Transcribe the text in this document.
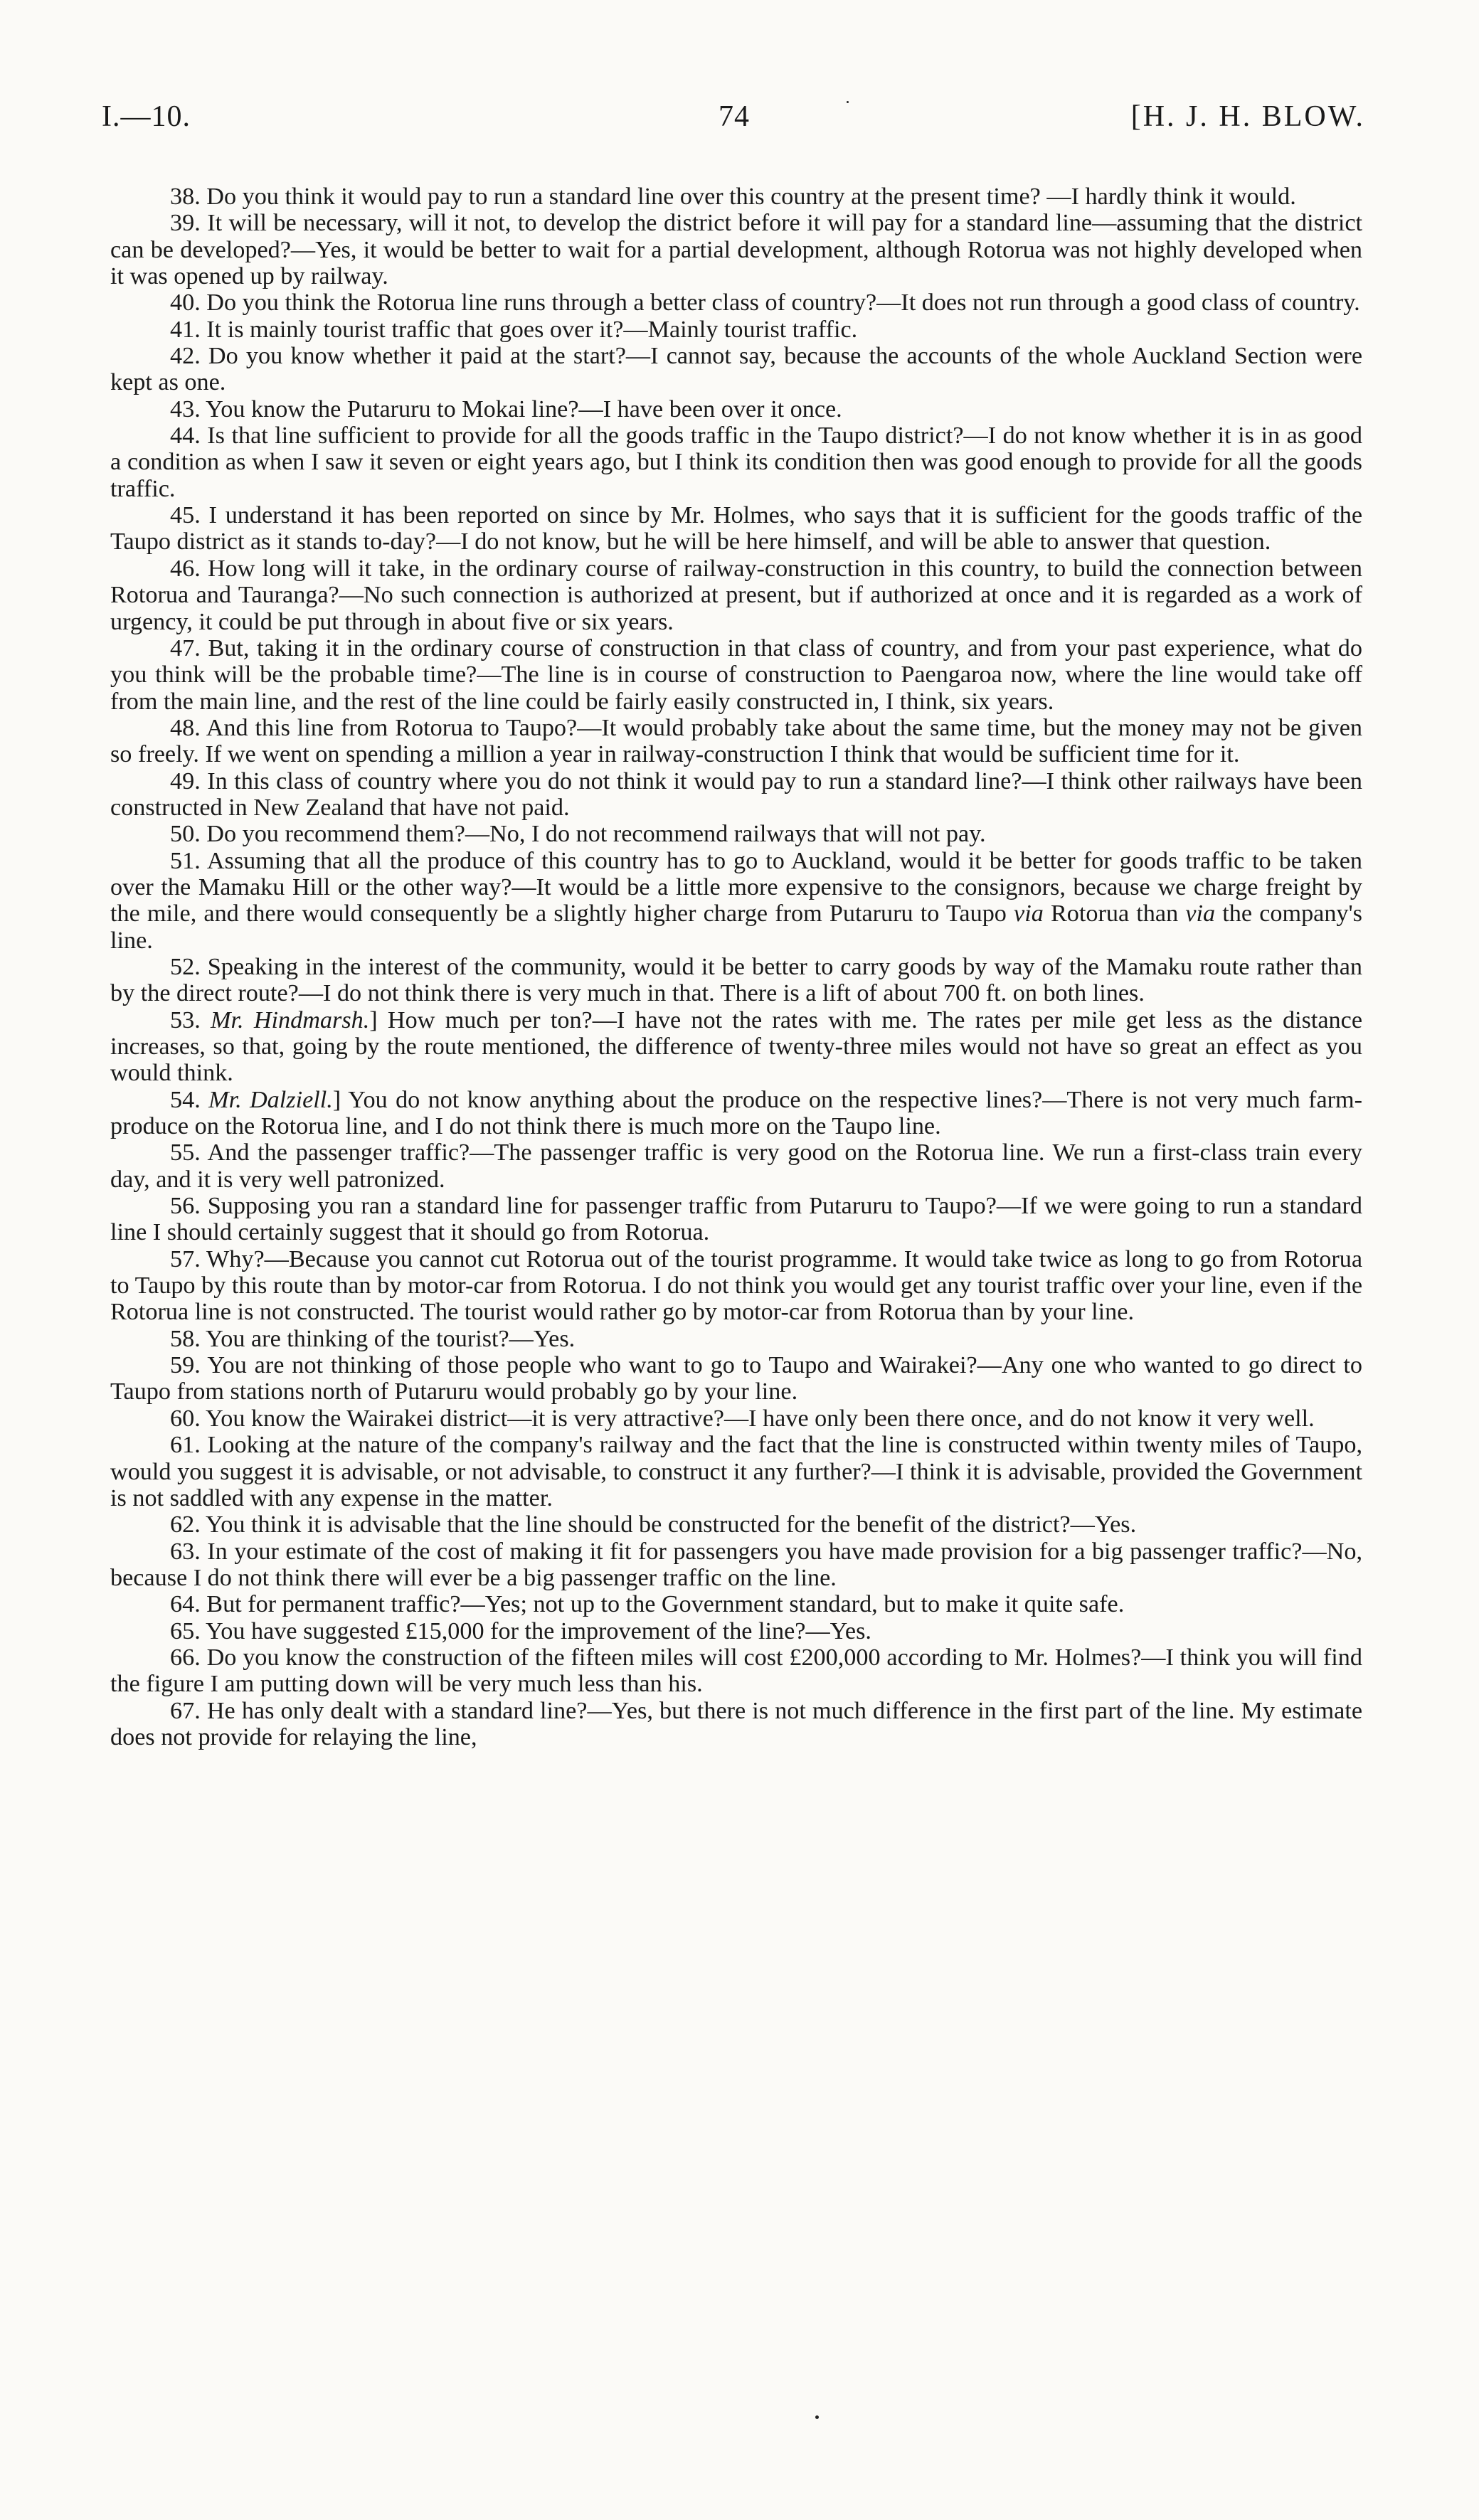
I.—10.	74	[H. J. H. BLOW.

38. Do you think it would pay to run a standard line over this country at the present time? —I hardly think it would.

39. It will be necessary, will it not, to develop the district before it will pay for a standard line—assuming that the district can be developed?—Yes, it would be better to wait for a partial development, although Rotorua was not highly developed when it was opened up by railway.

40. Do you think the Rotorua line runs through a better class of country?—It does not run through a good class of country.

41. It is mainly tourist traffic that goes over it?—Mainly tourist traffic.

42. Do you know whether it paid at the start?—I cannot say, because the accounts of the whole Auckland Section were kept as one.

43. You know the Putaruru to Mokai line?—I have been over it once.

44. Is that line sufficient to provide for all the goods traffic in the Taupo district?—I do not know whether it is in as good a condition as when I saw it seven or eight years ago, but I think its condition then was good enough to provide for all the goods traffic.

45. I understand it has been reported on since by Mr. Holmes, who says that it is sufficient for the goods traffic of the Taupo district as it stands to-day?—I do not know, but he will be here himself, and will be able to answer that question.

46. How long will it take, in the ordinary course of railway-construction in this country, to build the connection between Rotorua and Tauranga?—No such connection is authorized at present, but if authorized at once and it is regarded as a work of urgency, it could be put through in about five or six years.

47. But, taking it in the ordinary course of construction in that class of country, and from your past experience, what do you think will be the probable time?—The line is in course of construction to Paengaroa now, where the line would take off from the main line, and the rest of the line could be fairly easily constructed in, I think, six years.

48. And this line from Rotorua to Taupo?—It would probably take about the same time, but the money may not be given so freely. If we went on spending a million a year in railway-construction I think that would be sufficient time for it.

49. In this class of country where you do not think it would pay to run a standard line?—I think other railways have been constructed in New Zealand that have not paid.

50. Do you recommend them?—No, I do not recommend railways that will not pay.

51. Assuming that all the produce of this country has to go to Auckland, would it be better for goods traffic to be taken over the Mamaku Hill or the other way?—It would be a little more expensive to the consignors, because we charge freight by the mile, and there would consequently be a slightly higher charge from Putaruru to Taupo via Rotorua than via the company's line.

52. Speaking in the interest of the community, would it be better to carry goods by way of the Mamaku route rather than by the direct route?—I do not think there is very much in that. There is a lift of about 700 ft. on both lines.

53. Mr. Hindmarsh.] How much per ton?—I have not the rates with me. The rates per mile get less as the distance increases, so that, going by the route mentioned, the difference of twenty-three miles would not have so great an effect as you would think.

54. Mr. Dalziell.] You do not know anything about the produce on the respective lines?—There is not very much farm-produce on the Rotorua line, and I do not think there is much more on the Taupo line.

55. And the passenger traffic?—The passenger traffic is very good on the Rotorua line. We run a first-class train every day, and it is very well patronized.

56. Supposing you ran a standard line for passenger traffic from Putaruru to Taupo?—If we were going to run a standard line I should certainly suggest that it should go from Rotorua.

57. Why?—Because you cannot cut Rotorua out of the tourist programme. It would take twice as long to go from Rotorua to Taupo by this route than by motor-car from Rotorua. I do not think you would get any tourist traffic over your line, even if the Rotorua line is not constructed. The tourist would rather go by motor-car from Rotorua than by your line.

58. You are thinking of the tourist?—Yes.

59. You are not thinking of those people who want to go to Taupo and Wairakei?—Any one who wanted to go direct to Taupo from stations north of Putaruru would probably go by your line.

60. You know the Wairakei district—it is very attractive?—I have only been there once, and do not know it very well.

61. Looking at the nature of the company's railway and the fact that the line is constructed within twenty miles of Taupo, would you suggest it is advisable, or not advisable, to construct it any further?—I think it is advisable, provided the Government is not saddled with any expense in the matter.

62. You think it is advisable that the line should be constructed for the benefit of the district?—Yes.

63. In your estimate of the cost of making it fit for passengers you have made provision for a big passenger traffic?—No, because I do not think there will ever be a big passenger traffic on the line.

64. But for permanent traffic?—Yes; not up to the Government standard, but to make it quite safe.

65. You have suggested £15,000 for the improvement of the line?—Yes.

66. Do you know the construction of the fifteen miles will cost £200,000 according to Mr. Holmes?—I think you will find the figure I am putting down will be very much less than his.

67. He has only dealt with a standard line?—Yes, but there is not much difference in the first part of the line. My estimate does not provide for relaying the line,
